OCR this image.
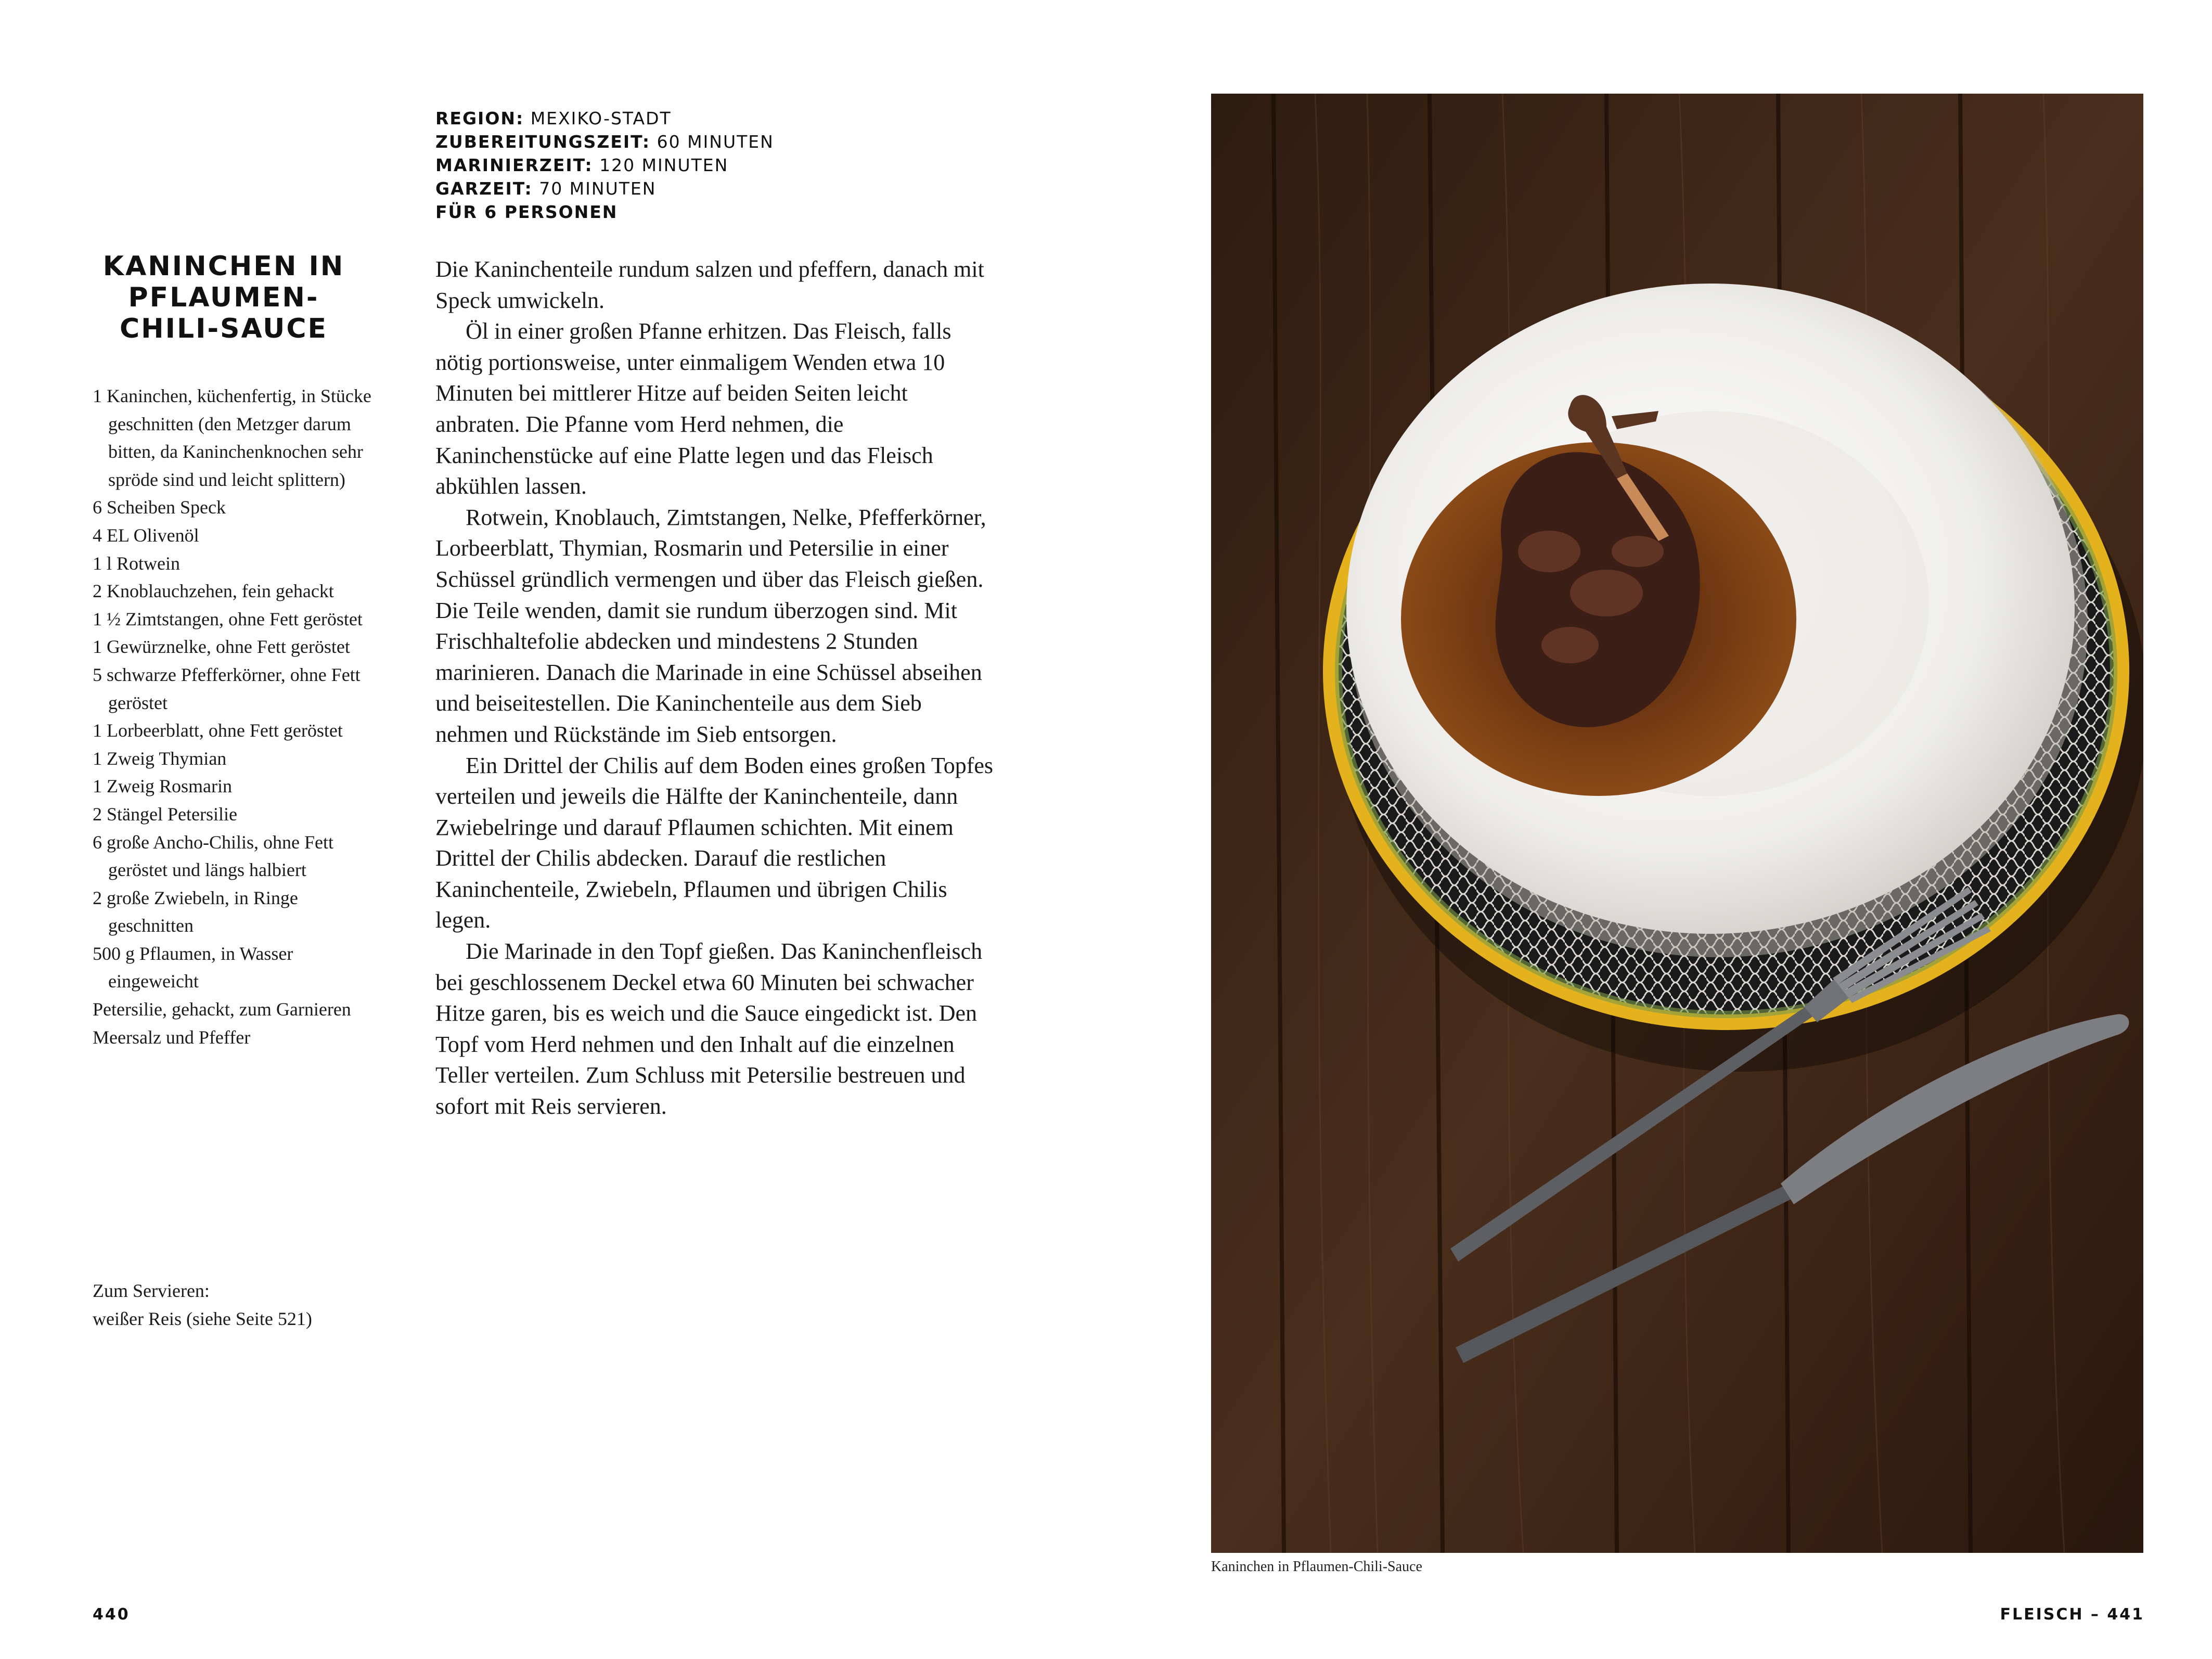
REGION: MEXIKO-STADT
ZUBEREITUNGSZEIT: 60 MINUTEN
MARINIERZEIT: 120 MINUTEN
GARZEIT: 70 MINUTEN
FÜR 6 PERSONEN
KANINCHEN IN
PFLAUMEN-
CHILI-SAUCE
1 Kaninchen, küchenfertig, in Stücke geschnitten (den Metzger darum bitten, da Kaninchenknochen sehr spröde sind und leicht splittern)
6 Scheiben Speck
4 EL Olivenöl
1 l Rotwein
2 Knoblauchzehen, fein gehackt
1 ½ Zimtstangen, ohne Fett geröstet
1 Gewürznelke, ohne Fett geröstet
5 schwarze Pfefferkörner, ohne Fett geröstet
1 Lorbeerblatt, ohne Fett geröstet
1 Zweig Thymian
1 Zweig Rosmarin
2 Stängel Petersilie
6 große Ancho-Chilis, ohne Fett geröstet und längs halbiert
2 große Zwiebeln, in Ringe geschnitten
500 g Pflaumen, in Wasser eingeweicht
Petersilie, gehackt, zum Garnieren
Meersalz und Pfeffer
Zum Servieren:
weißer Reis (siehe Seite 521)

Die Kaninchenteile rundum salzen und pfeffern, danach mit Speck umwickeln.

Öl in einer großen Pfanne erhitzen. Das Fleisch, falls nötig portionsweise, unter einmaligem Wenden etwa 10 Minuten bei mittlerer Hitze auf beiden Seiten leicht anbraten. Die Pfanne vom Herd nehmen, die Kaninchenstücke auf eine Platte legen und das Fleisch abkühlen lassen.

Rotwein, Knoblauch, Zimtstangen, Nelke, Pfefferkörner, Lorbeerblatt, Thymian, Rosmarin und Petersilie in einer Schüssel gründlich vermengen und über das Fleisch gießen. Die Teile wenden, damit sie rundum überzogen sind. Mit Frischhaltefolie abdecken und mindestens 2 Stunden marinieren. Danach die Marinade in eine Schüssel abseihen und beiseitestellen. Die Kaninchenteile aus dem Sieb nehmen und Rückstände im Sieb entsorgen.

Ein Drittel der Chilis auf dem Boden eines großen Topfes verteilen und jeweils die Hälfte der Kaninchenteile, dann Zwiebelringe und darauf Pflaumen schichten. Mit einem Drittel der Chilis abdecken. Darauf die restlichen Kaninchenteile, Zwiebeln, Pflaumen und übrigen Chilis legen.

Die Marinade in den Topf gießen. Das Kaninchenfleisch bei geschlossenem Deckel etwa 60 Minuten bei schwacher Hitze garen, bis es weich und die Sauce eingedickt ist. Den Topf vom Herd nehmen und den Inhalt auf die einzelnen Teller verteilen. Zum Schluss mit Petersilie bestreuen und sofort mit Reis servieren.

Kaninchen in Pflaumen-Chili-Sauce
440	FLEISCH – 441
